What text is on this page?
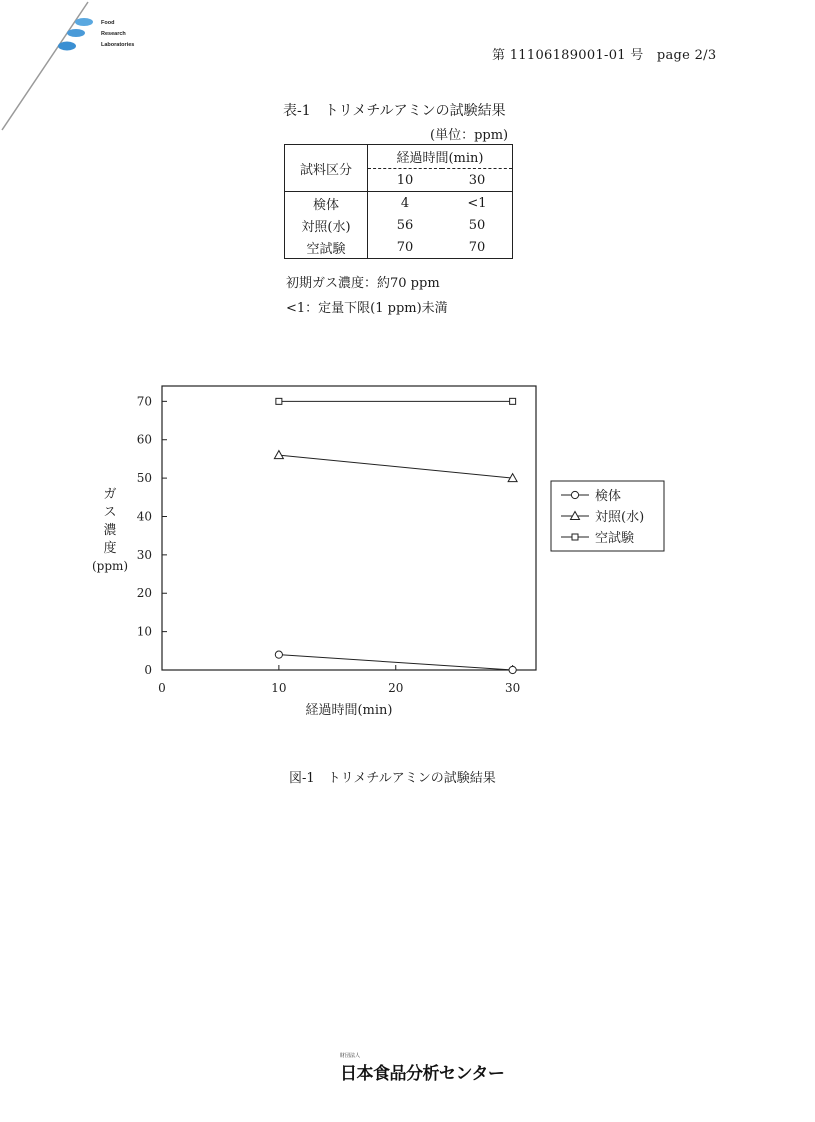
Food
Research
Laboratories
第 11106189001-01 号　page 2/3
表-1　トリメチルアミンの試験結果
(単位：ppm)
試料区分	経過時間(min)	
	10	30
検体	4	<1
対照(水)	56	50
空試験	70	70
初期ガス濃度：約70 ppm
<1：定量下限(1 ppm)未満
0
10
20
30
40
50
60
70
0	10	20	30
経過時間(min)
ガ
ス
濃
度
(ppm)
検体
対照(水)
空試験
図-1　トリメチルアミンの試験結果
財団法人
日本食品分析センター
